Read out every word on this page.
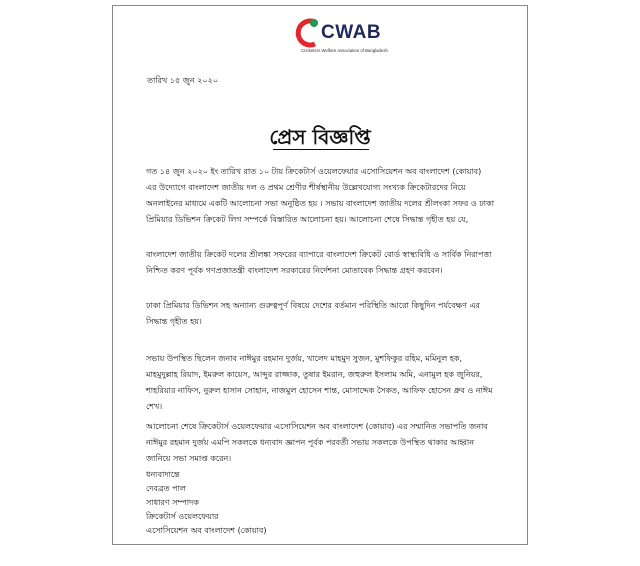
CWAB
Cricketers Welfare Association of Bangladesh
তারিখ ১৫ জুন ২০২০
প্রেস বিজ্ঞপ্তি
গত ১৪ জুন ২০২০ ইং তারিখ রাত ১০ টায় ক্রিকেটার্স ওয়েলফেয়ার এসোসিয়েশন অব বাংলাদেশ (কোয়াব)
এর উদ্যোগে বাংলাদেশ জাতীয় দল ও প্রথম শ্রেণীর শীর্ষস্থানীয় উল্লেখযোগ্য সংখ্যক ক্রিকেটারদের নিয়ে
অনলাইনের মাধ্যমে একটি আলোচনা সভা অনুষ্ঠিত হয় । সভায় বাংলাদেশ জাতীয় দলের শ্রীলংকা সফর ও ঢাকা
প্রিমিয়ার ডিভিশন ক্রিকেট লিগ সম্পর্কে বিস্তারিত আলোচনা হয়। আলোচনা শেষে সিদ্ধান্ত গৃহীত হয় যে,
বাংলাদেশ জাতীয় ক্রিকেট দলের শ্রীলঙ্কা সফরের ব্যাপারে বাংলাদেশ ক্রিকেট বোর্ড স্বাস্থ্যবিধি ও সার্বিক নিরাপত্তা
নিশ্চিত করণ পূর্বক গণপ্রজাতন্ত্রী বাংলাদেশ সরকারের নির্দেশনা মোতাবেক সিদ্ধান্ত গ্রহণ করবেন।
ঢাকা প্রিমিয়ার ডিভিশন সহ অন্যান্য গুরুত্বপূর্ণ বিষয়ে দেশের বর্তমান পরিস্থিতি আরো কিছুদিন পর্যবেক্ষণ এর
সিদ্ধান্ত গৃহীত হয়।
সভায় উপস্থিত ছিলেন জনাব নাঈমুর রহমান দুর্জয়, খালেদ মাহমুদ সুজন, মুশফিকুর রহিম, মমিনুল হক,
মাহমুদুল্লাহ রিয়াদ, ইমরুল কায়েস, আব্দুর রাজ্জাক, তুষার ইমরান, জহুরুল ইসলাম অমি, এনামুল হক জুনিয়র,
শাহরিয়ার নাফিস, নুরুল হাসান সোহান, নাজমুল হোসেন শান্ত, মোসাদ্দেক সৈকত, আফিফ হোসেন ধ্রুব ও নাঈম
শেখ।
আলোচনা শেষে ক্রিকেটার্স ওয়েলফেয়ার এসোসিয়েশন অব বাংলাদেশ (কোয়াব) এর সম্মানিত সভাপতি জনাব
নাঈমুর রহমান দুর্জয় এমপি সকলকে ধন্যবাদ জ্ঞাপন পূর্বক পরবর্তী সভায় সকলকে উপস্থিত থাকার আহ্বান
জানিয়ে সভা সমাপ্ত করেন।
ধন্যবাদান্তে
দেবব্রত পাল
সাধারণ সম্পাদক
ক্রিকেটার্স ওয়েলফেয়ার
এসোসিয়েশন অব বাংলাদেশ (কোয়াব)
